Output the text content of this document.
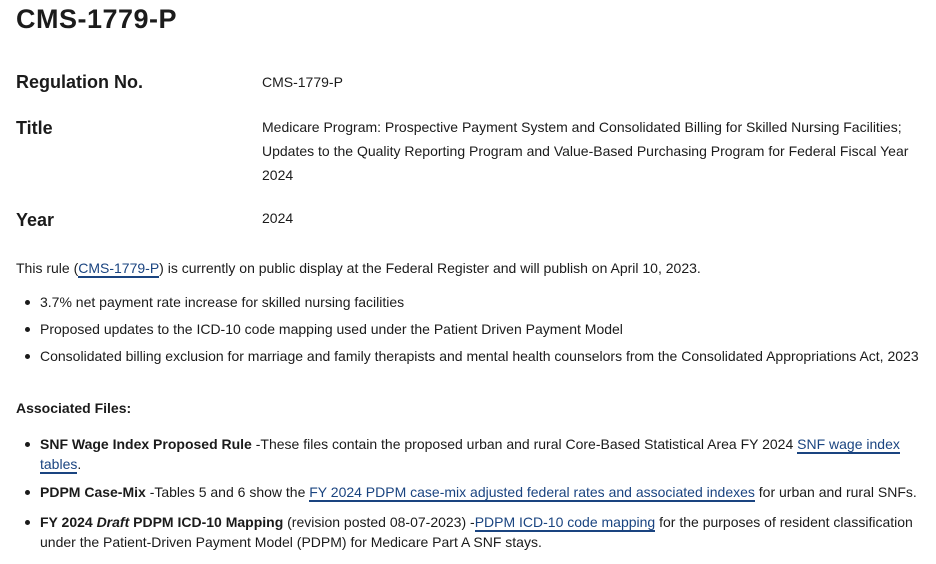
CMS-1779-P
Regulation No.	CMS-1779-P
Title	Medicare Program: Prospective Payment System and Consolidated Billing for Skilled Nursing Facilities; Updates to the Quality Reporting Program and Value-Based Purchasing Program for Federal Fiscal Year 2024
Year	2024

This rule (CMS-1779-P) is currently on public display at the Federal Register and will publish on April 10, 2023.

3.7% net payment rate increase for skilled nursing facilities
Proposed updates to the ICD-10 code mapping used under the Patient Driven Payment Model
Consolidated billing exclusion for marriage and family therapists and mental health counselors from the Consolidated Appropriations Act, 2023

Associated Files:

SNF Wage Index Proposed Rule -These files contain the proposed urban and rural Core-Based Statistical Area FY 2024 SNF wage index tables.
PDPM Case-Mix -Tables 5 and 6 show the FY 2024 PDPM case-mix adjusted federal rates and associated indexes for urban and rural SNFs.
FY 2024 Draft PDPM ICD-10 Mapping (revision posted 08-07-2023) -PDPM ICD-10 code mapping for the purposes of resident classification under the Patient-Driven Payment Model (PDPM) for Medicare Part A SNF stays.
